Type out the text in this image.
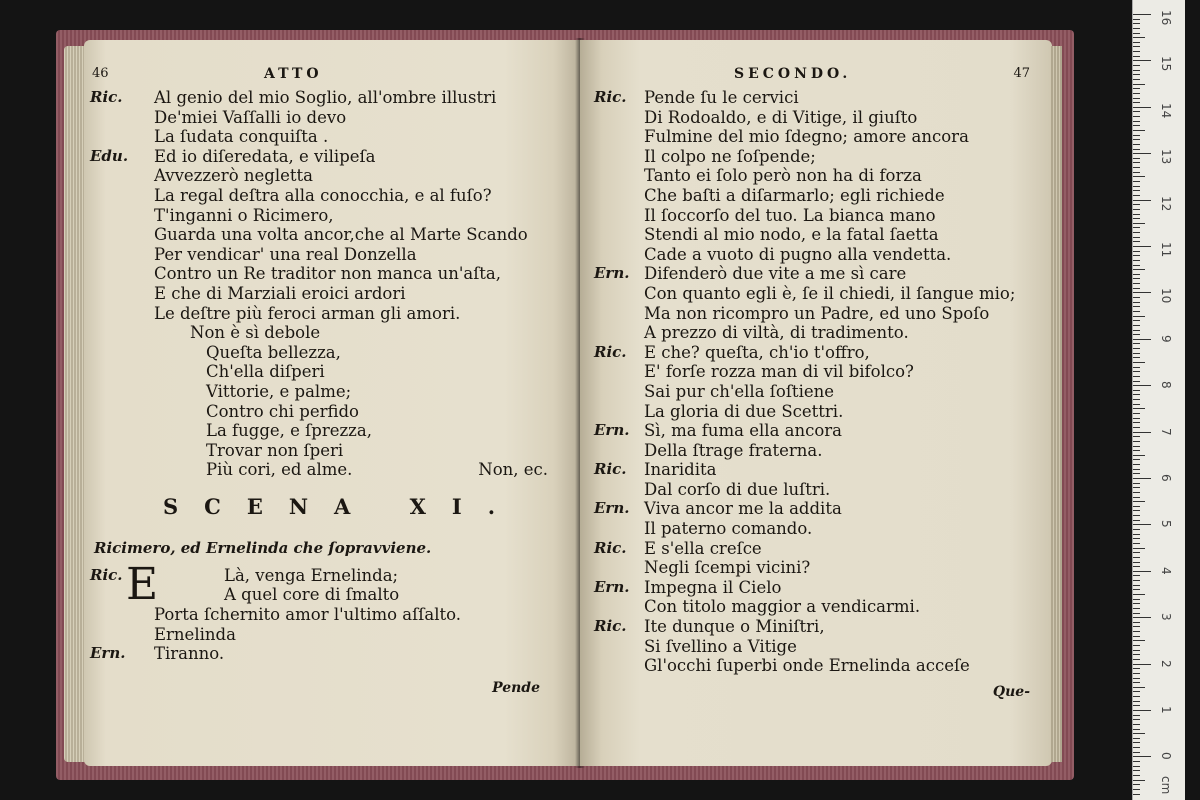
46	ATTO
Ric. Al genio del mio Soglio, all'ombre illustri
De'miei Vaſſalli io devo
La ſudata conquiſta .
Edu. Ed io diſeredata, e vilipeſa
Avvezzerò negletta
La regal deſtra alla conocchia, e al fuſo?
T'inganni o Ricimero,
Guarda una volta ancor,che al Marte Scando
Per vendicar' una real Donzella
Contro un Re traditor non manca un'aſta,
E che di Marziali eroici ardori
Le deſtre più feroci arman gli amori.
Non è sì debole
Queſta bellezza,
Ch'ella diſperi
Vittorie, e palme;
Contro chi perfido
La fugge, e ſprezza,
Trovar non ſperi
Più cori, ed alme.	Non, ec.
SCENA XI.
Ricimero, ed Ernelinda che ſopravviene.
E
Ric.	Là, venga Ernelinda;
A quel core di ſmalto
Porta ſchernito amor l'ultimo aſſalto.
Ernelinda
Ern. Tiranno.
Pende
SECONDO.	47
Ric. Pende ſu le cervici
Di Rodoaldo, e di Vitige, il giuſto
Fulmine del mio ſdegno; amore ancora
Il colpo ne ſoſpende;
Tanto ei ſolo però non ha di forza
Che baſti a diſarmarlo; egli richiede
Il ſoccorſo del tuo. La bianca mano
Stendi al mio nodo, e la fatal ſaetta
Cade a vuoto di pugno alla vendetta.
Ern. Difenderò due vite a me sì care
Con quanto egli è, ſe il chiedi, il ſangue mio;
Ma non ricompro un Padre, ed uno Spoſo
A prezzo di viltà, di tradimento.
Ric. E che? queſta, ch'io t'offro,
E' forſe rozza man di vil bifolco?
Sai pur ch'ella ſoſtiene
La gloria di due Scettri.
Ern. Sì, ma fuma ella ancora
Della ſtrage fraterna.
Ric. Inaridita
Dal corſo di due luſtri.
Ern. Viva ancor me la addita
Il paterno comando.
Ric. E s'ella creſce
Negli ſcempi vicini?
Ern. Impegna il Cielo
Con titolo maggior a vendicarmi.
Ric. Ite dunque o Miniſtri,
Si ſvellino a Vitige
Gl'occhi ſuperbi onde Ernelinda acceſe
Que-
16
15
14
13
12
11
10
9
8
7
6
5
4
3
2
1
0
cm
